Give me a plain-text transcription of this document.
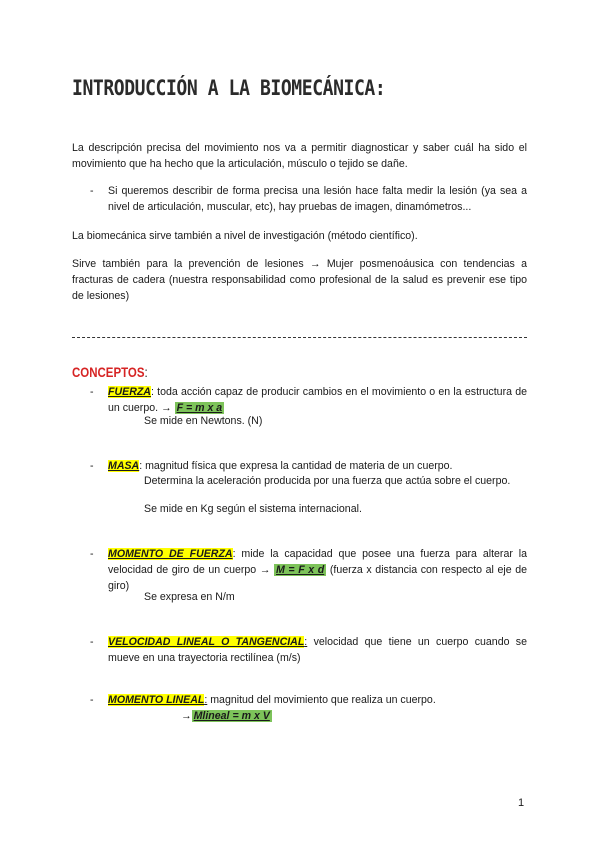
INTRODUCCIÓN A LA BIOMECÁNICA:
La descripción precisa del movimiento nos va a permitir diagnosticar y saber cuál ha sido el movimiento que ha hecho que la articulación, músculo o tejido se dañe.
- Si queremos describir de forma precisa una lesión hace falta medir la lesión (ya sea a nivel de articulación, muscular, etc), hay pruebas de imagen, dinamómetros...
La biomecánica sirve también a nivel de investigación (método científico).
Sirve también para la prevención de lesiones → Mujer posmenoáusica con tendencias a fracturas de cadera (nuestra responsabilidad como profesional de la salud es prevenir ese tipo de lesiones)
CONCEPTOS:
- FUERZA: toda acción capaz de producir cambios en el movimiento o en la estructura de un cuerpo. → F = m x a
Se mide en Newtons. (N)
- MASA: magnitud física que expresa la cantidad de materia de un cuerpo.
Determina la aceleración producida por una fuerza que actúa sobre el cuerpo.
Se mide en Kg según el sistema internacional.
- MOMENTO DE FUERZA: mide la capacidad que posee una fuerza para alterar la velocidad de giro de un cuerpo → M = F x d (fuerza x distancia con respecto al eje de giro)
Se expresa en N/m
- VELOCIDAD LINEAL O TANGENCIAL: velocidad que tiene un cuerpo cuando se mueve en una trayectoria rectilínea (m/s)
- MOMENTO LINEAL: magnitud del movimiento que realiza un cuerpo.
→ Mlineal = m x V
1
